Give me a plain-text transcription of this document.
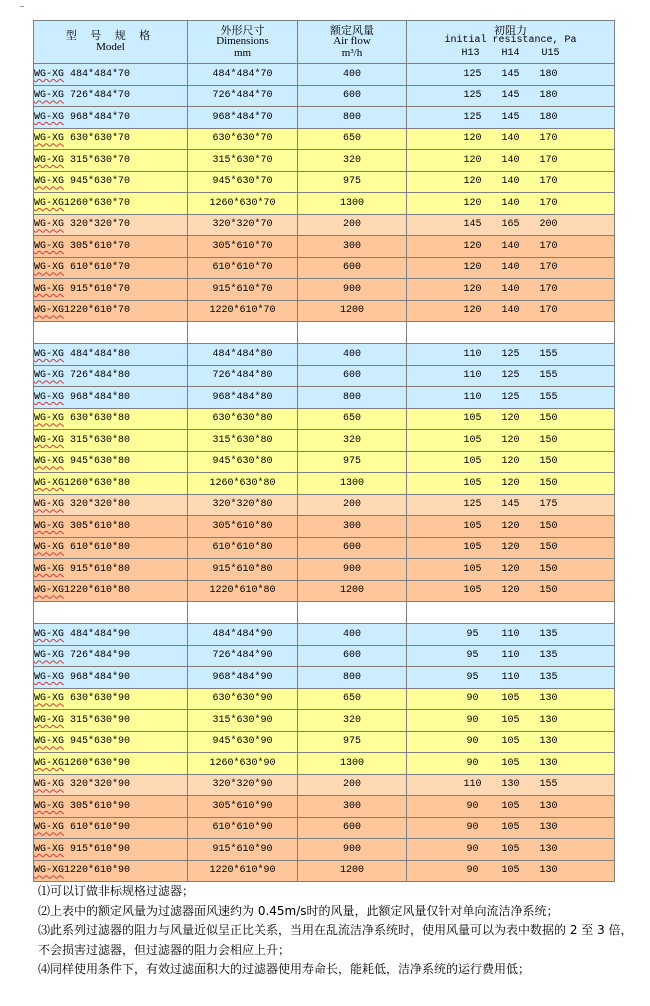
型 号 规 格
Model	外形尺寸
Dimensions
mm	额定风量
Air flow
m³/h	初阻力
initial resistance, Pa
H13 H14 U15

WG-XG 484*484*70	484*484*70	400	125 145 180

WG-XG 726*484*70	726*484*70	600	125 145 180

WG-XG 968*484*70	968*484*70	800	125 145 180

WG-XG 630*630*70	630*630*70	650	120 140 170

WG-XG 315*630*70	315*630*70	320	120 140 170

WG-XG 945*630*70	945*630*70	975	120 140 170

WG-XG1260*630*70	1260*630*70	1300	120 140 170

WG-XG 320*320*70	320*320*70	200	145 165 200

WG-XG 305*610*70	305*610*70	300	120 140 170

WG-XG 610*610*70	610*610*70	600	120 140 170

WG-XG 915*610*70	915*610*70	900	120 140 170

WG-XG1220*610*70	1220*610*70	1200	120 140 170

WG-XG 484*484*80	484*484*80	400	110 125 155

WG-XG 726*484*80	726*484*80	600	110 125 155

WG-XG 968*484*80	968*484*80	800	110 125 155

WG-XG 630*630*80	630*630*80	650	105 120 150

WG-XG 315*630*80	315*630*80	320	105 120 150

WG-XG 945*630*80	945*630*80	975	105 120 150

WG-XG1260*630*80	1260*630*80	1300	105 120 150

WG-XG 320*320*80	320*320*80	200	125 145 175

WG-XG 305*610*80	305*610*80	300	105 120 150

WG-XG 610*610*80	610*610*80	600	105 120 150

WG-XG 915*610*80	915*610*80	900	105 120 150

WG-XG1220*610*80	1220*610*80	1200	105 120 150

WG-XG 484*484*90	484*484*90	400	95 110 135

WG-XG 726*484*90	726*484*90	600	95 110 135

WG-XG 968*484*90	968*484*90	800	95 110 135

WG-XG 630*630*90	630*630*90	650	90 105 130

WG-XG 315*630*90	315*630*90	320	90 105 130

WG-XG 945*630*90	945*630*90	975	90 105 130

WG-XG1260*630*90	1260*630*90	1300	90 105 130

WG-XG 320*320*90	320*320*90	200	110 130 155

WG-XG 305*610*90	305*610*90	300	90 105 130

WG-XG 610*610*90	610*610*90	600	90 105 130

WG-XG 915*610*90	915*610*90	900	90 105 130

WG-XG1220*610*90	1220*610*90	1200	90 105 130

⑴可以订做非标规格过滤器；

⑵上表中的额定风量为过滤器面风速约为 0.45m/s时的风量，此额定风量仅针对单向流洁净系统；

⑶此系列过滤器的阻力与风量近似呈正比关系，当用在乱流洁净系统时，使用风量可以为表中数据的 2 至 3 倍，不会损害过滤器，但过滤器的阻力会相应上升；

⑷同样使用条件下，有效过滤面积大的过滤器使用寿命长，能耗低，洁净系统的运行费用低；
